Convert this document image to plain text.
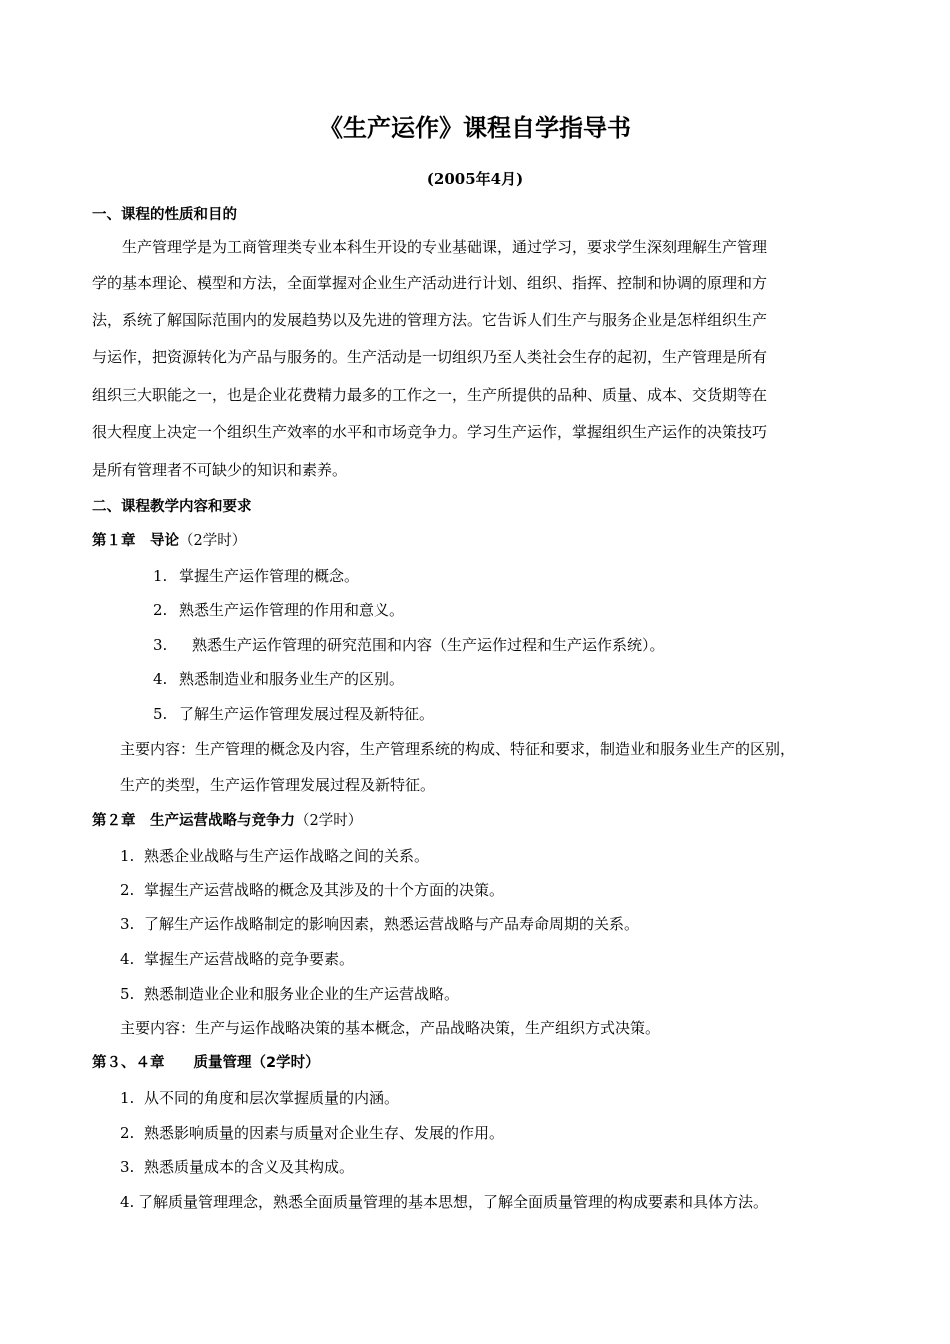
《生产运作》课程自学指导书
(2005年4月)
一、课程的性质和目的
生产管理学是为工商管理类专业本科生开设的专业基础课，通过学习，要求学生深刻理解生产管理
学的基本理论、模型和方法，全面掌握对企业生产活动进行计划、组织、指挥、控制和协调的原理和方
法，系统了解国际范围内的发展趋势以及先进的管理方法。它告诉人们生产与服务企业是怎样组织生产
与运作，把资源转化为产品与服务的。生产活动是一切组织乃至人类社会生存的起初，生产管理是所有
组织三大职能之一，也是企业花费精力最多的工作之一，生产所提供的品种、质量、成本、交货期等在
很大程度上决定一个组织生产效率的水平和市场竞争力。学习生产运作，掌握组织生产运作的决策技巧
是所有管理者不可缺少的知识和素养。
二、课程教学内容和要求
第１章　导论（2学时）
1. 掌握生产运作管理的概念。
2. 熟悉生产运作管理的作用和意义。
3. 熟悉生产运作管理的研究范围和内容（生产运作过程和生产运作系统）。
4. 熟悉制造业和服务业生产的区别。
5. 了解生产运作管理发展过程及新特征。
主要内容：生产管理的概念及内容，生产管理系统的构成、特征和要求，制造业和服务业生产的区别，
生产的类型，生产运作管理发展过程及新特征。
第２章　生产运营战略与竞争力（2学时）
1. 熟悉企业战略与生产运作战略之间的关系。
2. 掌握生产运营战略的概念及其涉及的十个方面的决策。
3. 了解生产运作战略制定的影响因素，熟悉运营战略与产品寿命周期的关系。
4. 掌握生产运营战略的竞争要素。
5. 熟悉制造业企业和服务业企业的生产运营战略。
主要内容：生产与运作战略决策的基本概念，产品战略决策，生产组织方式决策。
第３、４章　　质量管理（2学时）
1. 从不同的角度和层次掌握质量的内涵。
2. 熟悉影响质量的因素与质量对企业生存、发展的作用。
3. 熟悉质量成本的含义及其构成。
4. 了解质量管理理念，熟悉全面质量管理的基本思想，了解全面质量管理的构成要素和具体方法。
